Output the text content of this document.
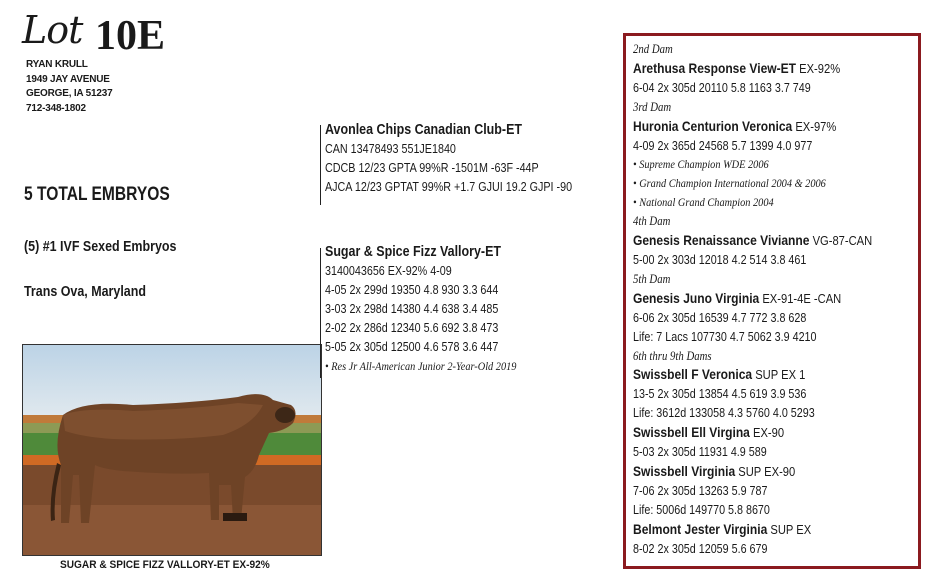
Lot 10E
RYAN KRULL
1949 JAY AVENUE
GEORGE, IA 51237
712-348-1802
5 TOTAL EMBRYOS
(5) #1 IVF Sexed Embryos
Trans Ova, Maryland
SUGAR & SPICE FIZZ VALLORY-ET EX-92%
Avonlea Chips Canadian Club-ET
CAN 13478493 551JE1840
CDCB 12/23 GPTA 99%R -1501M -63F -44P
AJCA 12/23 GPTAT 99%R +1.7 GJUI 19.2 GJPI -90
Sugar & Spice Fizz Vallory-ET
3140043656 EX-92% 4-09
4-05 2x 299d 19350 4.8 930 3.3 644
3-03 2x 298d 14380 4.4 638 3.4 485
2-02 2x 286d 12340 5.6 692 3.8 473
5-05 2x 305d 12500 4.6 578 3.6 447
• Res Jr All-American Junior 2-Year-Old 2019
2nd Dam
Arethusa Response View-ET EX-92%
6-04 2x 305d 20110 5.8 1163 3.7 749
3rd Dam
Huronia Centurion Veronica EX-97%
4-09 2x 365d 24568 5.7 1399 4.0 977
• Supreme Champion WDE 2006
• Grand Champion International 2004 & 2006
• National Grand Champion 2004
4th Dam
Genesis Renaissance Vivianne VG-87-CAN
5-00 2x 303d 12018 4.2 514 3.8 461
5th Dam
Genesis Juno Virginia EX-91-4E -CAN
6-06 2x 305d 16539 4.7 772 3.8 628
Life: 7 Lacs 107730 4.7 5062 3.9 4210
6th thru 9th Dams
Swissbell F Veronica SUP EX 1
13-5 2x 305d 13854 4.5 619 3.9 536
Life: 3612d 133058 4.3 5760 4.0 5293
Swissbell Ell Virgina EX-90
5-03 2x 305d 11931 4.9 589
Swissbell Virginia SUP EX-90
7-06 2x 305d 13263 5.9 787
Life: 5006d 149770 5.8 8670
Belmont Jester Virginia SUP EX
8-02 2x 305d 12059 5.6 679
